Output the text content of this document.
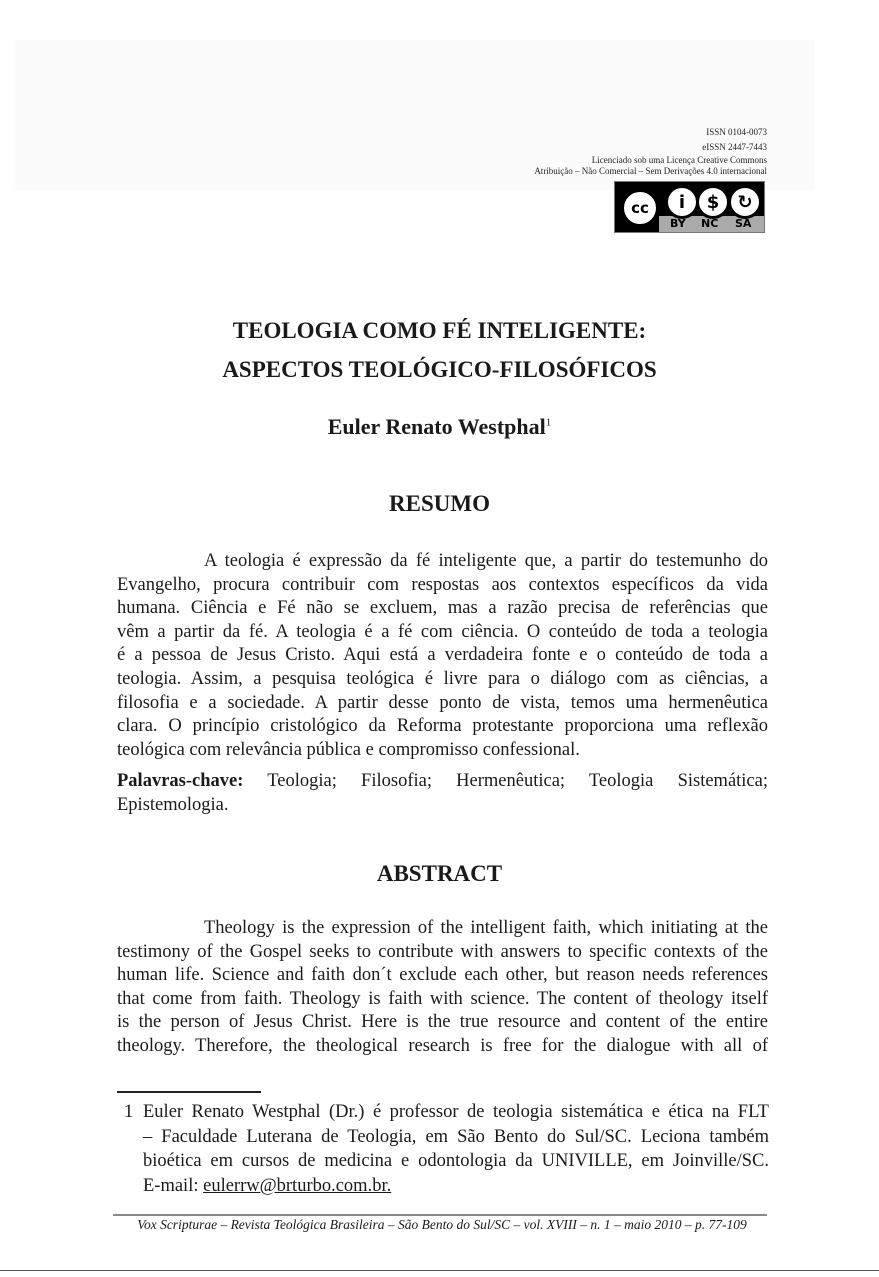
ISSN 0104-0073
eISSN 2447-7443
Licenciado sob uma Licença Creative Commons
Atribuição – Não Comercial – Sem Derivações 4.0 internacional
cc	i	$	↻
BY NC SA
TEOLOGIA COMO FÉ INTELIGENTE:
ASPECTOS TEOLÓGICO-FILOSÓFICOS
Euler Renato Westphal$^1$
RESUMO
A teologia é expressão da fé inteligente que, a partir do testemunho do
Evangelho, procura contribuir com respostas aos contextos específicos da vida
humana. Ciência e Fé não se excluem, mas a razão precisa de referências que
vêm a partir da fé. A teologia é a fé com ciência. O conteúdo de toda a teologia
é a pessoa de Jesus Cristo. Aqui está a verdadeira fonte e o conteúdo de toda a
teologia. Assim, a pesquisa teológica é livre para o diálogo com as ciências, a
filosofia e a sociedade. A partir desse ponto de vista, temos uma hermenêutica
clara. O princípio cristológico da Reforma protestante proporciona uma reflexão
teológica com relevância pública e compromisso confessional.
Palavras-chave: Teologia; Filosofia; Hermenêutica; Teologia Sistemática;
Epistemologia.
ABSTRACT
Theology is the expression of the intelligent faith, which initiating at the
testimony of the Gospel seeks to contribute with answers to specific contexts of the
human life. Science and faith don´t exclude each other, but reason needs references
that come from faith. Theology is faith with science. The content of theology itself
is the person of Jesus Christ. Here is the true resource and content of the entire
theology. Therefore, the theological research is free for the dialogue with all of
1 Euler Renato Westphal (Dr.) é professor de teologia sistemática e ética na FLT
– Faculdade Luterana de Teologia, em São Bento do Sul/SC. Leciona também
bioética em cursos de medicina e odontologia da UNIVILLE, em Joinville/SC.
E-mail: eulerrw@brturbo.com.br.
Vox Scripturae – Revista Teológica Brasileira – São Bento do Sul/SC – vol. XVIII – n. 1 – maio 2010 – p. 77-109
